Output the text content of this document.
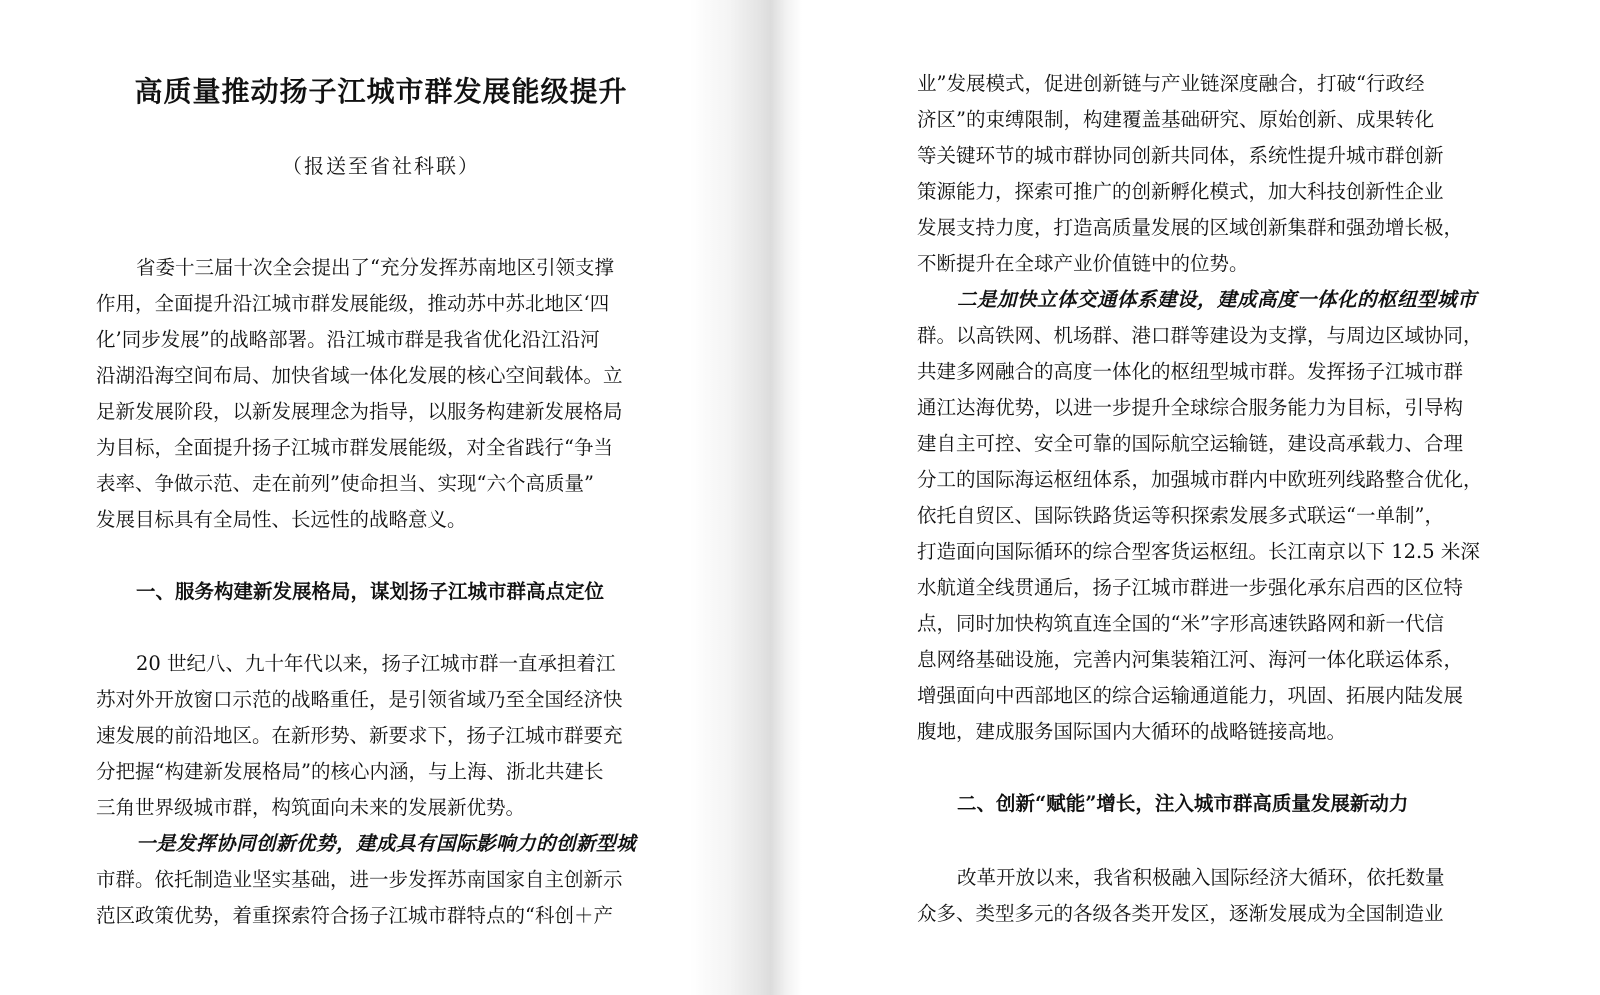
高质量推动扬子江城市群发展能级提升
（报送至省社科联）
省委十三届十次全会提出了“充分发挥苏南地区引领支撑
作用，全面提升沿江城市群发展能级，推动苏中苏北地区‘四
化’同步发展”的战略部署。沿江城市群是我省优化沿江沿河
沿湖沿海空间布局、加快省域一体化发展的核心空间载体。立
足新发展阶段，以新发展理念为指导，以服务构建新发展格局
为目标，全面提升扬子江城市群发展能级，对全省践行“争当
表率、争做示范、走在前列”使命担当、实现“六个高质量”
发展目标具有全局性、长远性的战略意义。
一、服务构建新发展格局，谋划扬子江城市群高点定位
20 世纪八、九十年代以来，扬子江城市群一直承担着江
苏对外开放窗口示范的战略重任，是引领省域乃至全国经济快
速发展的前沿地区。在新形势、新要求下，扬子江城市群要充
分把握“构建新发展格局”的核心内涵，与上海、浙北共建长
三角世界级城市群，构筑面向未来的发展新优势。
一是发挥协同创新优势，建成具有国际影响力的创新型城
市群。依托制造业坚实基础，进一步发挥苏南国家自主创新示
范区政策优势，着重探索符合扬子江城市群特点的“科创＋产
业”发展模式，促进创新链与产业链深度融合，打破“行政经
济区”的束缚限制，构建覆盖基础研究、原始创新、成果转化
等关键环节的城市群协同创新共同体，系统性提升城市群创新
策源能力，探索可推广的创新孵化模式，加大科技创新性企业
发展支持力度，打造高质量发展的区域创新集群和强劲增长极，
不断提升在全球产业价值链中的位势。
二是加快立体交通体系建设，建成高度一体化的枢纽型城市
群。以高铁网、机场群、港口群等建设为支撑，与周边区域协同，
共建多网融合的高度一体化的枢纽型城市群。发挥扬子江城市群
通江达海优势，以进一步提升全球综合服务能力为目标，引导构
建自主可控、安全可靠的国际航空运输链，建设高承载力、合理
分工的国际海运枢纽体系，加强城市群内中欧班列线路整合优化，
依托自贸区、国际铁路货运等积探索发展多式联运“一单制”，
打造面向国际循环的综合型客货运枢纽。长江南京以下 12.5 米深
水航道全线贯通后，扬子江城市群进一步强化承东启西的区位特
点，同时加快构筑直连全国的“米”字形高速铁路网和新一代信
息网络基础设施，完善内河集装箱江河、海河一体化联运体系，
增强面向中西部地区的综合运输通道能力，巩固、拓展内陆发展
腹地，建成服务国际国内大循环的战略链接高地。
二、创新“赋能”增长，注入城市群高质量发展新动力
改革开放以来，我省积极融入国际经济大循环，依托数量
众多、类型多元的各级各类开发区，逐渐发展成为全国制造业
